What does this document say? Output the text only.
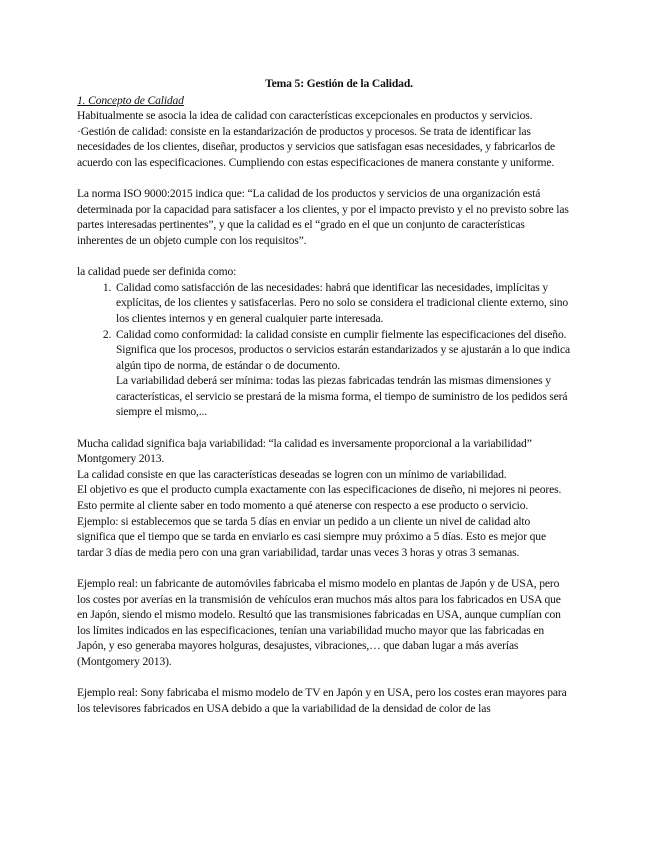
Tema 5: Gestión de la Calidad.
1. Concepto de Calidad

Habitualmente se asocia la idea de calidad con características excepcionales en productos y servicios.

·Gestión de calidad: consiste en la estandarización de productos y procesos. Se trata de identificar las necesidades de los clientes, diseñar, productos y servicios que satisfagan esas necesidades, y fabricarlos de acuerdo con las especificaciones. Cumpliendo con estas especificaciones de manera constante y uniforme.

La norma ISO 9000:2015 indica que: “La calidad de los productos y servicios de una organización está determinada por la capacidad para satisfacer a los clientes, y por el impacto previsto y el no previsto sobre las partes interesadas pertinentes”, y que la calidad es el “grado en el que un conjunto de características inherentes de un objeto cumple con los requisitos”.

la calidad puede ser definida como:

1. Calidad como satisfacción de las necesidades: habrá que identificar las necesidades, implícitas y explícitas, de los clientes y satisfacerlas. Pero no solo se considera el tradicional cliente externo, sino los clientes internos y en general cualquier parte interesada.
2. Calidad como conformidad: la calidad consiste en cumplir fielmente las especificaciones del diseño. Significa que los procesos, productos o servicios estarán estandarizados y se ajustarán a lo que indica algún tipo de norma, de estándar o de documento.
La variabilidad deberá ser mínima: todas las piezas fabricadas tendrán las mismas dimensiones y características, el servicio se prestará de la misma forma, el tiempo de suministro de los pedidos será siempre el mismo,...

Mucha calidad significa baja variabilidad: “la calidad es inversamente proporcional a la variabilidad” Montgomery 2013.

La calidad consiste en que las características deseadas se logren con un mínimo de variabilidad.

El objetivo es que el producto cumpla exactamente con las especificaciones de diseño, ni mejores ni peores. Esto permite al cliente saber en todo momento a qué atenerse con respecto a ese producto o servicio.

Ejemplo: si establecemos que se tarda 5 días en enviar un pedido a un cliente un nivel de calidad alto significa que el tiempo que se tarda en enviarlo es casi siempre muy próximo a 5 días. Esto es mejor que tardar 3 días de media pero con una gran variabilidad, tardar unas veces 3 horas y otras 3 semanas.

Ejemplo real: un fabricante de automóviles fabricaba el mismo modelo en plantas de Japón y de USA, pero los costes por averías en la transmisión de vehículos eran muchos más altos para los fabricados en USA que en Japón, siendo el mismo modelo. Resultó que las transmisiones fabricadas en USA, aunque cumplían con los límites indicados en las especificaciones, tenían una variabilidad mucho mayor que las fabricadas en Japón, y eso generaba mayores holguras, desajustes, vibraciones,… que daban lugar a más averías (Montgomery 2013).

Ejemplo real: Sony fabricaba el mismo modelo de TV en Japón y en USA, pero los costes eran mayores para los televisores fabricados en USA debido a que la variabilidad de la densidad de color de las
